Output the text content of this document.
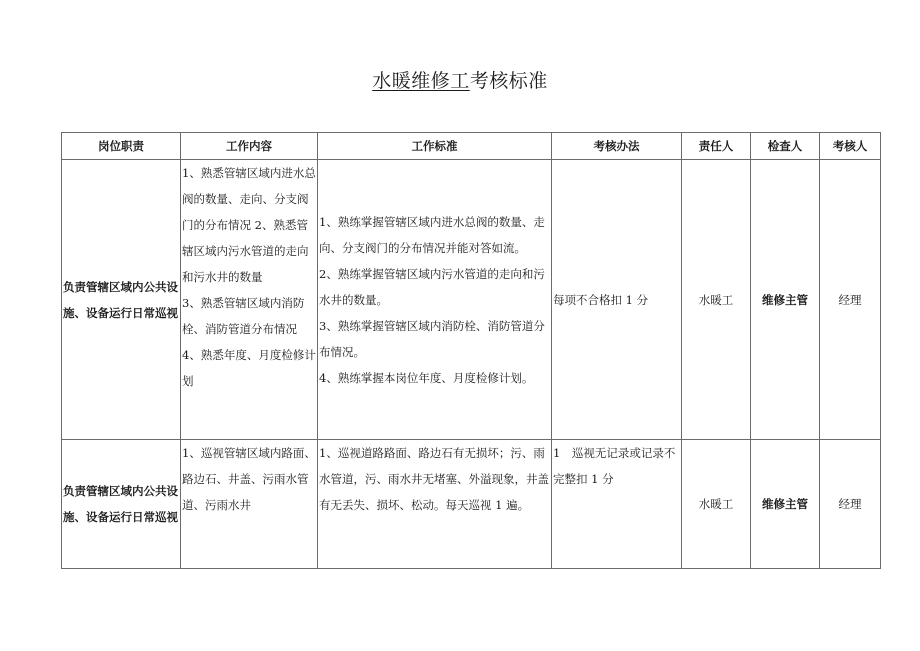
水暖维修工考核标准
岗位职责	工作内容	工作标准	考核办法	责任人	检查人	考核人
负责管辖区域内公共设施、设备运行日常巡视	1、熟悉管辖区域内进水总阀的数量、走向、分支阀门的分布情况 2、熟悉管辖区域内污水管道的走向和污水井的数量
3、熟悉管辖区域内消防栓、消防管道分布情况
4、熟悉年度、月度检修计划	1、熟练掌握管辖区域内进水总阀的数量、走向、分支阀门的分布情况并能对答如流。
2、熟练掌握管辖区域内污水管道的走向和污水井的数量。
3、熟练掌握管辖区域内消防栓、消防管道分布情况。
4、熟练掌握本岗位年度、月度检修计划。	每项不合格扣 1 分	水暖工	维修主管	经理
负责管辖区域内公共设施、设备运行日常巡视	1、巡视管辖区域内路面、路边石、井盖、污雨水管道、污雨水井	1、巡视道路路面、路边石有无损坏；污、雨水管道，污、雨水井无堵塞、外溢现象，井盖有无丢失、损坏、松动。每天巡视 1 遍。	1　巡视无记录或记录不完整扣 1 分	水暖工	维修主管	经理
